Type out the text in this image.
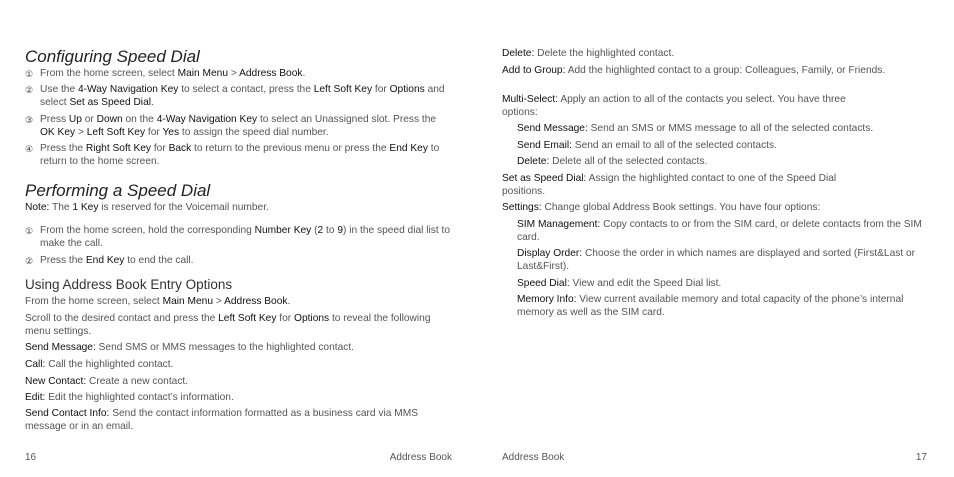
Configuring Speed Dial
① From the home screen, select Main Menu > Address Book.
② Use the 4-Way Navigation Key to select a contact, press the Left Soft Key for Options and select Set as Speed Dial.
③ Press Up or Down on the 4-Way Navigation Key to select an Unassigned slot. Press the OK Key > Left Soft Key for Yes to assign the speed dial number.
④ Press the Right Soft Key for Back to return to the previous menu or press the End Key to return to the home screen.
Performing a Speed Dial
Note: The 1 Key is reserved for the Voicemail number.
① From the home screen, hold the corresponding Number Key (2 to 9) in the speed dial list to make the call.
② Press the End Key to end the call.
Using Address Book Entry Options
From the home screen, select Main Menu > Address Book.
Scroll to the desired contact and press the Left Soft Key for Options to reveal the following menu settings.
Send Message: Send SMS or MMS messages to the highlighted contact.
Call: Call the highlighted contact.
New Contact: Create a new contact.
Edit: Edit the highlighted contact’s information.
Send Contact Info: Send the contact information formatted as a business card via MMS message or in an email.
16	Address Book
Delete: Delete the highlighted contact.
Add to Group: Add the highlighted contact to a group: Colleagues, Family, or Friends.
Multi-Select: Apply an action to all of the contacts you select. You have three options:
Send Message: Send an SMS or MMS message to all of the selected contacts.
Send Email: Send an email to all of the selected contacts.
Delete: Delete all of the selected contacts.
Set as Speed Dial: Assign the highlighted contact to one of the Speed Dial positions.
Settings: Change global Address Book settings. You have four options:
SIM Management: Copy contacts to or from the SIM card, or delete contacts from the SIM card.
Display Order: Choose the order in which names are displayed and sorted (First&Last or Last&First).
Speed Dial: View and edit the Speed Dial list.
Memory Info: View current available memory and total capacity of the phone’s internal memory as well as the SIM card.
Address Book	17
